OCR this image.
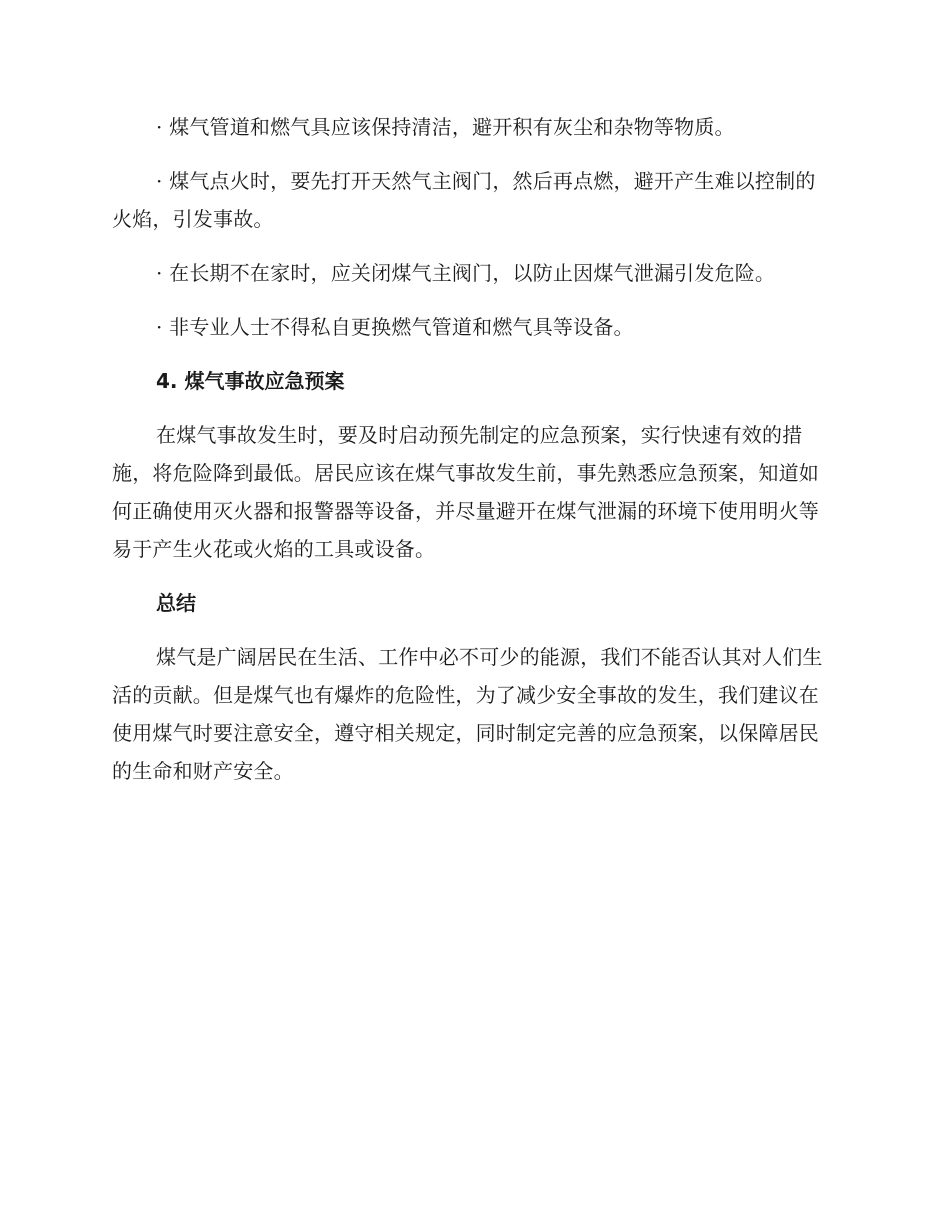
· 煤气管道和燃气具应该保持清洁，避开积有灰尘和杂物等物质。

· 煤气点火时，要先打开天然气主阀门，然后再点燃，避开产生难以控制的火焰，引发事故。

· 在长期不在家时，应关闭煤气主阀门，以防止因煤气泄漏引发危险。

· 非专业人士不得私自更换燃气管道和燃气具等设备。

4. 煤气事故应急预案

在煤气事故发生时，要及时启动预先制定的应急预案，实行快速有效的措施，将危险降到最低。居民应该在煤气事故发生前，事先熟悉应急预案，知道如何正确使用灭火器和报警器等设备，并尽量避开在煤气泄漏的环境下使用明火等易于产生火花或火焰的工具或设备。

总结

煤气是广阔居民在生活、工作中必不可少的能源，我们不能否认其对人们生活的贡献。但是煤气也有爆炸的危险性，为了减少安全事故的发生，我们建议在使用煤气时要注意安全，遵守相关规定，同时制定完善的应急预案，以保障居民的生命和财产安全。
